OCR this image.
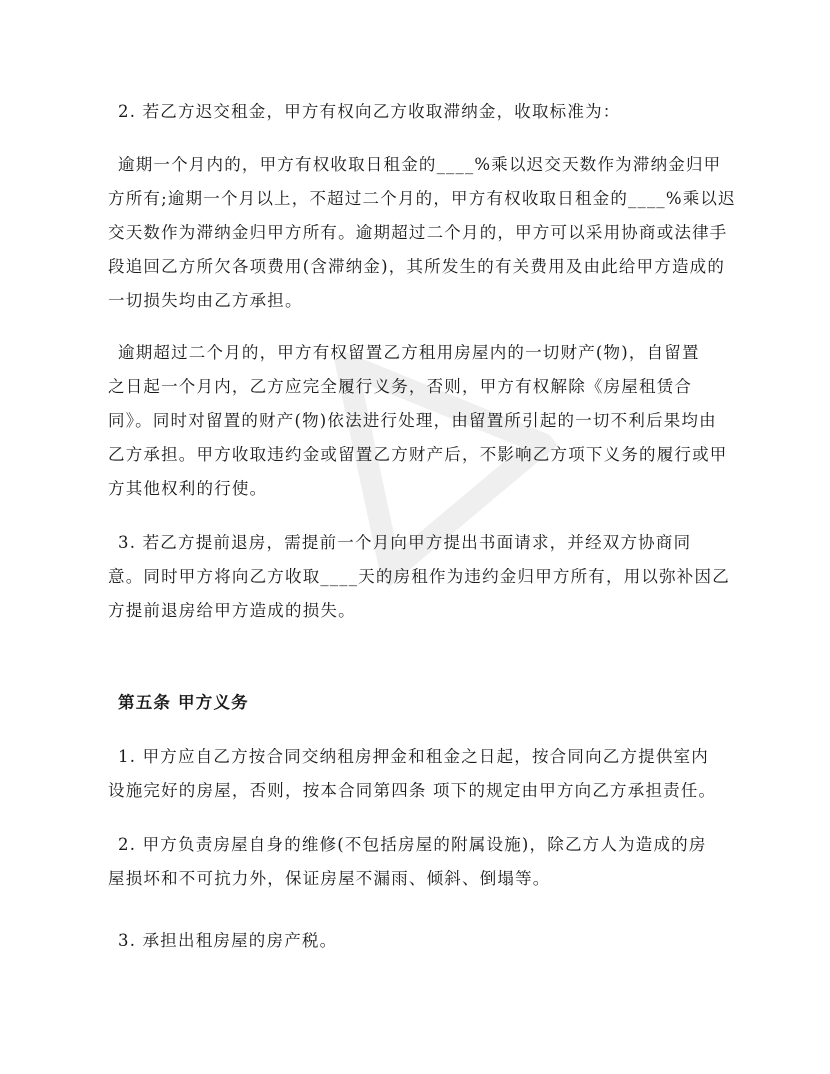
2. 若乙方迟交租金，甲方有权向乙方收取滞纳金，收取标准为：
逾期一个月内的，甲方有权收取日租金的____%乘以迟交天数作为滞纳金归甲
方所有;逾期一个月以上，不超过二个月的，甲方有权收取日租金的____%乘以迟
交天数作为滞纳金归甲方所有。逾期超过二个月的，甲方可以采用协商或法律手
段追回乙方所欠各项费用(含滞纳金)，其所发生的有关费用及由此给甲方造成的
一切损失均由乙方承担。
逾期超过二个月的，甲方有权留置乙方租用房屋内的一切财产(物)，自留置
之日起一个月内，乙方应完全履行义务，否则，甲方有权解除《房屋租赁合
同》。同时对留置的财产(物)依法进行处理，由留置所引起的一切不利后果均由
乙方承担。甲方收取违约金或留置乙方财产后，不影响乙方项下义务的履行或甲
方其他权利的行使。
3. 若乙方提前退房，需提前一个月向甲方提出书面请求，并经双方协商同
意。同时甲方将向乙方收取____天的房租作为违约金归甲方所有，用以弥补因乙
方提前退房给甲方造成的损失。
第五条 甲方义务
1. 甲方应自乙方按合同交纳租房押金和租金之日起，按合同向乙方提供室内
设施完好的房屋，否则，按本合同第四条 项下的规定由甲方向乙方承担责任。
2. 甲方负责房屋自身的维修(不包括房屋的附属设施)，除乙方人为造成的房
屋损坏和不可抗力外，保证房屋不漏雨、倾斜、倒塌等。
3. 承担出租房屋的房产税。
